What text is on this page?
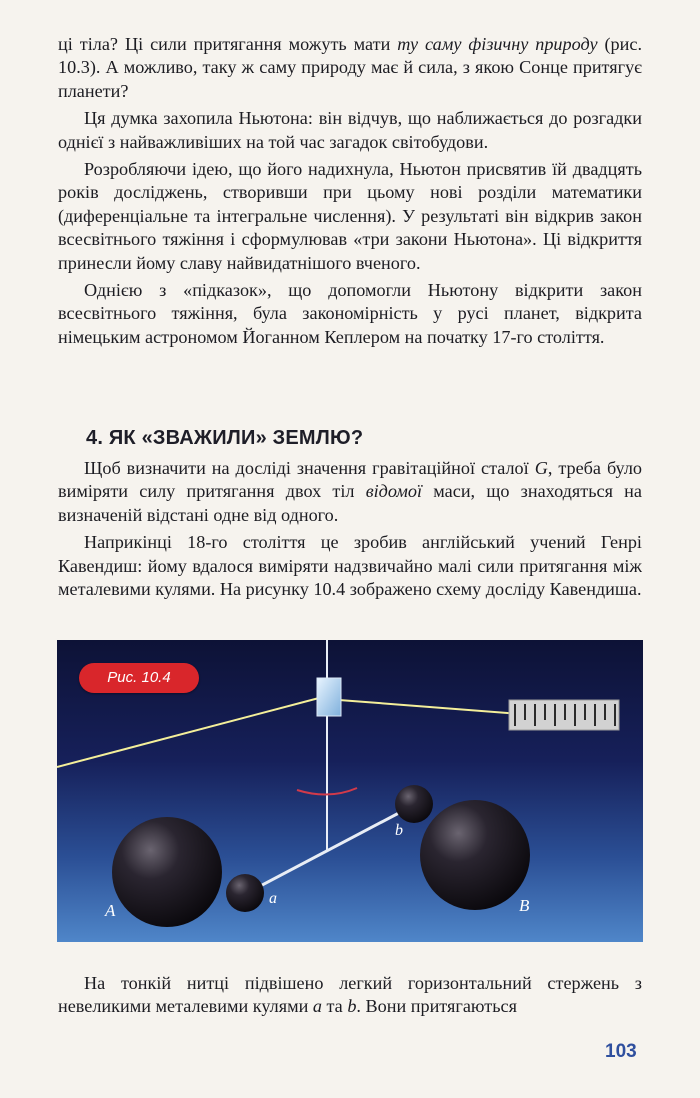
ці тіла? Ці сили притягання можуть мати ту саму фізичну природу (рис. 10.3). А можливо, таку ж саму природу має й сила, з якою Сонце притягує планети?

Ця думка захопила Ньютона: він відчув, що наближається до розгадки однієї з найважливіших на той час загадок світобудови.

Розробляючи ідею, що його надихнула, Ньютон присвятив їй двадцять років досліджень, створивши при цьому нові розділи математики (диференціальне та інтегральне числення). У результаті він відкрив закон всесвітнього тяжіння і сформулював «три закони Ньютона». Ці відкриття принесли йому славу найвидатнішого вченого.

Однією з «підказок», що допомогли Ньютону відкрити закон всесвітнього тяжіння, була закономірність у русі планет, відкрита німецьким астрономом Йоганном Кеплером на початку 17-го століття.

4. ЯК «ЗВАЖИЛИ» ЗЕМЛЮ?

Щоб визначити на досліді значення гравітаційної сталої G, треба було виміряти силу притягання двох тіл відомої маси, що знаходяться на визначеній відстані одне від одного.

Наприкінці 18-го століття це зробив англійський учений Генрі Кавендиш: йому вдалося виміряти надзвичайно малі сили притягання між металевими кулями. На рисунку 10.4 зображено схему досліду Кавендиша.

A	B
a
b
Рис. 10.4

На тонкій нитці підвішено легкий горизонтальний стержень з невеликими металевими кулями a та b. Вони притягаються

103
